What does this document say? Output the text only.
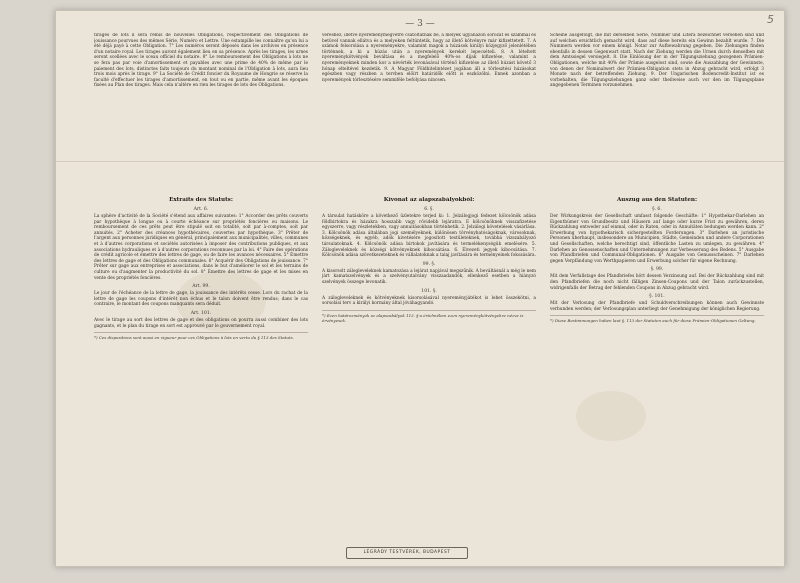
— 3 —	5

tirages de lots il sera remis de nouvelles Obligations, respectivement des Obligations de jouissance pourvues des mêmes Série, Numéro et Lettre. Une estampille les connaître qu'on lui a été déjà payé à cette Obligation. 7° Les numéros seront déposés dans les archives en présence d'un notaire royal. Les tirages auront également lieu en sa présence. Après les tirages, les urnes seront scellées avec le sceau officiel du notaire. 8° Le remboursement des Obligations à lots ne se fera pas par voie d'amortissement et payables avec une prime de 40% de même par le paiement des lots, distinctes faits toujours du montant nominal de l'Obligation à lots, aura lieu trois mois après le tirage. 9° La Société de Crédit foncier du Royaume de Hongrie se réserve la faculté d'effectuer les tirages d'amortissement, en tout ou en partie, même avant les époques fixées au Plan des tirages. Mais cela n'altère en rien les tirages de lots des Obligations.

véreshez, illetve nyereménymegvétre csatoltatnak be, a melyek ugyanazon sorozat és számmal és betüvel vannak ellátva és a melyeken feltüntetik, hogy az illető kötvényre már kifizettetett. 7. A számok felsorolása a nyereményekre, valamint magok a húzások királyi közjegyző jelenlétében történnek, a ki a húzás után a nyeremények kerekét lepecsételi. 8. A lételtett nyereménykötvények beváltása és a megfelelő 40%-os díjak kifizetése, valamint a nyereményeknek minden kor a névérték levonásával történő kifizetése az illető húzást követő 3 hónap elteltével kezdetik. 9. A Magyar Földhitelintézet jogában áll a törlesztési húzásokat egészben vagy részben a tervben előírt határidők előtt is eszközölni. Ennek azonban a nyeremények törlesztésére semmiféle befolyása nincsen.

Scheine ausgefolgt, die mit derselben Serie, Nummer und Litera bezeichnet versehen sind und auf welchen ersichtlich gemacht wird, dass auf diese bereits ein Gewinn bezahlt wurde. 7. Die Nummern werden vor einem königl. Notar zur Aufbewahrung gegeben. Die Ziehungen finden ebenfalls in dessen Gegenwart statt. Nach der Ziehung werden die Urnen durch denselben mit dem Amtssiegel versiegelt. 8. Die Einlösung der in der Tilgungsziehung gezogenen Prämien-Obligationen, welche mit 40% der Prämie ausgelost sind, sowie die Auszahlung der Gewinnste, von denen der Nominalwert der Prämien-Obligation stets in Abzug gebracht wird, erfolgt 3 Monate nach der betreffenden Ziehung. 9. Der Ungarischen Bodencredit-Institut ist es vorbehalten, die Tilgungsziehungen ganz oder theilweise auch vor den im Tilgungsplane angegebenen Terminen vorzunehmen.

Extraits des Statuts:
Art. 6.

La sphère d'activité de la Société s'étend aux affaires suivantes: 1° Accorder des prêts couverts par hypothèque à longue ou à courte échéance sur propriétés foncières ou maisons. Le remboursement de ces prêts peut être stipulé soit en totalité, soit par à-comptes, soit par annuités. 2° Acheter des créances hypothécaires, couvertes par hypothèque. 3° Prêter de l'argent aux personnes juridiques en général, principalement aux municipalités, villes, communes et à d'autres corporations et sociétés autorisées à imposer des contributions publiques, et aux associations hydrauliques et à d'autres corporations reconnues par la loi. 4° Faire des opérations de crédit agricole et émettre des lettres de gage, ou de faire les avances nécessaires. 5° Émettre des lettres de gage et des Obligations communales. 6° Acquérir des Obligations de jouissance. 7° Prêter sur gage aux entreprises et associations, dans le but d'améliorer le sol et les terrains de culture ou d'augmenter la productivité du sol. 8° Émettre des lettres de gage et les mises en vente des propriétés foncières.

Art. 99.

Le jour de l'échéance de la lettre de gage, la jouissance des intérêts cesse. Lors du rachat de la lettre de gage les coupons d'intérêt non échus et le talon doivent être rendus; dans le cas contraire, le montant des coupons manquants sera déduit.

Art. 101.

Avec le tirage au sort des lettres de gage et des obligations on pourra aussi combiner des lots gagnants, et le plan du tirage en sort est approuvé par le gouvernement royal.

*) Ces dispositions sont aussi en vigueur pour ces Obligations à lots en vertu du § 113 des Statuts.
Kivonat az alapszabályokból:
6. §.

A társulat hatásköre a következő üzletekre terjed ki: 1. Jelzálogjogi fedezet kölcsönök adása földbirtokra és házakra hosszabb vagy rövidebb lejáratra. E kölcsönöknek visszafizetése egyszerre, vagy részletekben, vagy annuitásokban történhetik. 2. Jelzálogi követelések vásárlása. 3. Kölcsönök adása általában jogi személyeknek, különösen törvényhatóságoknak, városoknak, községeknek, és egyéb, adók kivetésére jogosított testületeknek, továbbá vízszabályozó társulatoknak. 4. Kölcsönök adása birtokok javítására és termelékenységük emelésére. 5. Zálogleveleknek és községi kötvényeknek kibocsátása. 6. Élvezeti jegyek kibocsátása. 7. Kölcsönök adása szövetkezeteknek és vállalatoknak a talaj javítására és terményeinek fokozására.

99. §.

A kisorsolt zálogleveleknek kamatozása a lejárat napjával megszűnik. A beváltásnál a még le nem járt kamatszelvények és a szelvényutalvány visszaadandók, ellenkező esetben a hiányzó szelvények összege levonatik.

101. §.

A zálogleveleknek és kötvényeknek kisorsolásával nyereményjátékot is lehet összekötni, a sorsolási terv a királyi kormány által jóváhagyandó.

*) Ezen határozmányok az alapszabályok 113. §-a értelmében ezen nyereménykötvényekre nézve is érvényesek.
Auszug aus den Statuten:
§. 6.

Der Wirkungskreis der Gesellschaft umfasst folgende Geschäfte: 1° Hypothekar-Darlehen an Eigenthümer von Grundbesitz und Häusern auf lange oder kurze Frist zu gewähren, deren Rückzahlung entweder auf einmal, oder in Raten, oder in Annuitäten bedungen werden kann. 2° Erwerbung von hypothekarisch sichergestellten Forderungen. 3° Darlehen an juristische Personen überhaupt, insbesondere an Municipien, Städte, Gemeinden und andere Corporationen und Gesellschaften, welche berechtigt sind, öffentliche Lasten zu umlegen, zu gewähren. 4° Darlehen an Genossenschaften und Unternehmungen zur Verbesserung des Bodens. 5° Ausgabe von Pfandbriefen und Communal-Obligationen. 6° Ausgabe von Genussscheinen. 7° Darlehen gegen Verpfändung von Werthpapieren und Erwerbung solcher für eigene Rechnung.

§. 99.

Mit dem Verfallstage des Pfandbriefes hört dessen Verzinsung auf. Bei der Rückzahlung sind mit den Pfandbriefen die noch nicht fälligen Zinsen-Coupons und der Talon zurückzustellen, widrigenfalls der Betrag der fehlenden Coupons in Abzug gebracht wird.

§. 101.

Mit der Verlosung der Pfandbriefe und Schuldverschreibungen können auch Gewinnste verbunden werden; der Verlosungsplan unterliegt der Genehmigung der königlichen Regierung.

*) Diese Bestimmungen haben laut §. 113 der Statuten auch für diese Prämien-Obligationen Geltung.
LÉGRÁDY TESTVÉREK, BUDAPEST
